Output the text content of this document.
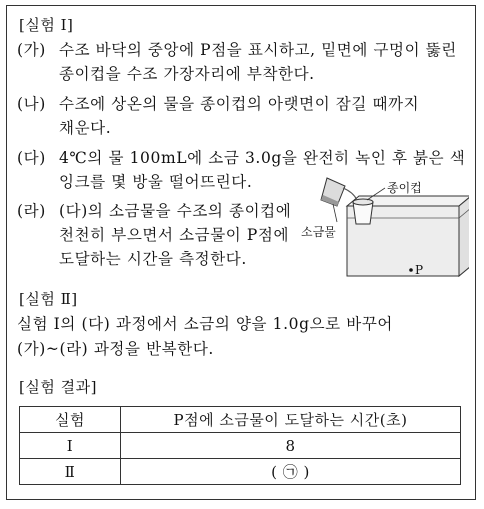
[실험 Ⅰ]
(가) 수조 바닥의 중앙에 P점을 표시하고, 밑면에 구멍이 뚫린
종이컵을 수조 가장자리에 부착한다.
(나) 수조에 상온의 물을 종이컵의 아랫면이 잠길 때까지
채운다.
(다) 4℃의 물 100mL에 소금 3.0g을 완전히 녹인 후 붉은 색
잉크를 몇 방울 떨어뜨린다.
(라) (다)의 소금물을 수조의 종이컵에
천천히 부으면서 소금물이 P점에
도달하는 시간을 측정한다.
종이컵
소금물
P
[실험 Ⅱ]
실험 Ⅰ의 (다) 과정에서 소금의 양을 1.0g으로 바꾸어
(가)~(라) 과정을 반복한다.
[실험 결과]
실험	P점에 소금물이 도달하는 시간(초)
Ⅰ	8
Ⅱ	( ㉠ )
